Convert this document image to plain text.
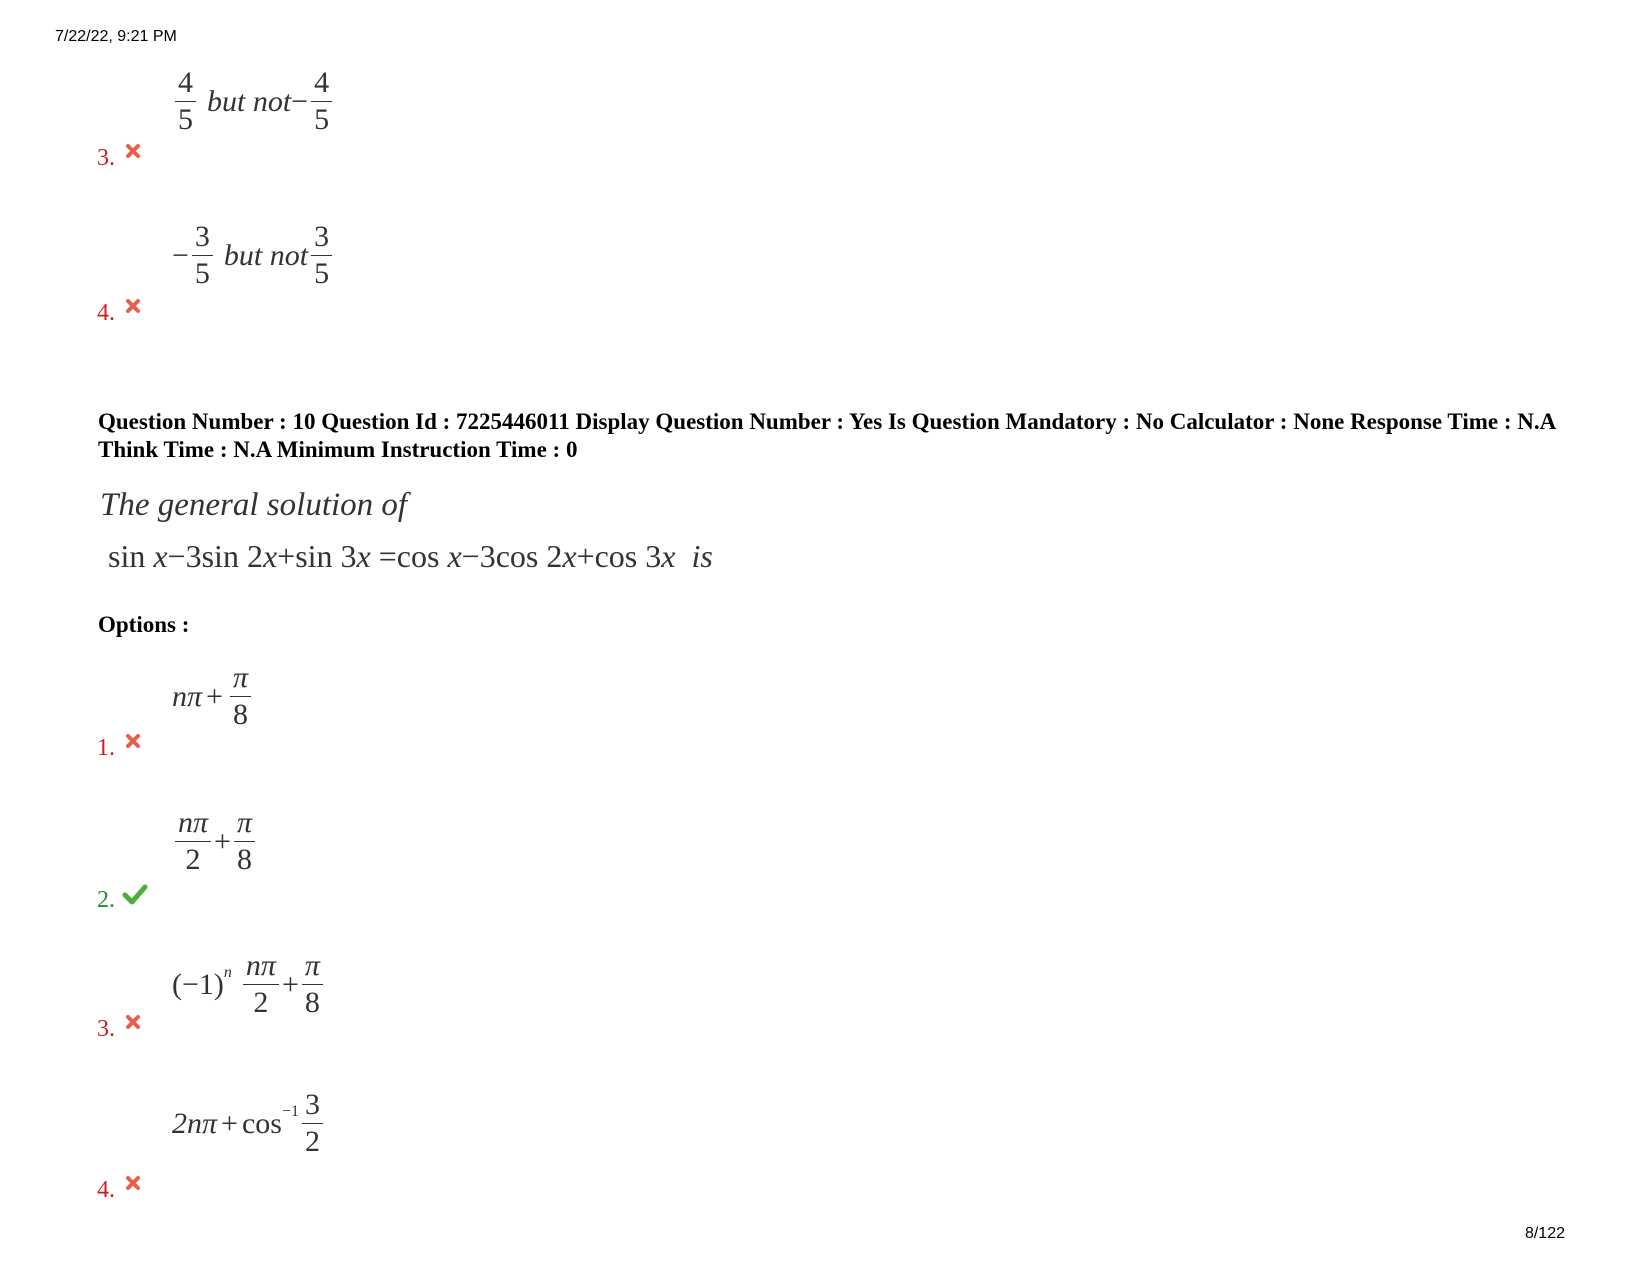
7/22/22, 9:21 PM
8/122
$\frac{4}{5}$ but not − $\frac{4}{5}$
3.
− $\frac{3}{5}$ but not $\frac{3}{5}$
4.
Question Number : 10 Question Id : 7225446011 Display Question Number : Yes Is Question Mandatory : No Calculator : None Response Time : N.A Think Time : N.A Minimum Instruction Time : 0
The general solution of
sin x−3sin 2x+sin 3x =cos x−3cos 2x+cos 3x is
Options :
$n\pi + \frac{\pi}{8}$
1.
$\frac{n\pi}{2} + \frac{\pi}{8}$
2.
(−1) $^n \frac{n\pi}{2} + \frac{\pi}{8}$
3.
$2n\pi + \cos^{-1} \frac{3}{2}$
4.
